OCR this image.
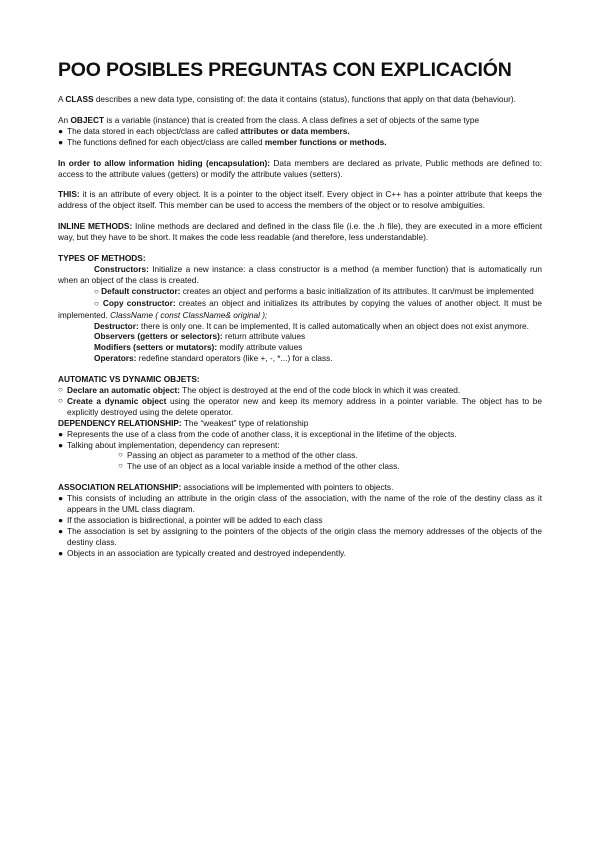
POO POSIBLES PREGUNTAS CON EXPLICACIÓN

A CLASS describes a new data type, consisting of: the data it contains (status), functions that apply on that data (behaviour).

An OBJECT is a variable (instance) that is created from the class. A class defines a set of objects of the same type

● The data stored in each object/class are called attributes or data members.
● The functions defined for each object/class are called member functions or methods.

In order to allow information hiding (encapsulation): Data members are declared as private, Public methods are defined to: access to the attribute values (getters) or modify the attribute values (setters).

THIS: it is an attribute of every object. It is a pointer to the object itself. Every object in C++ has a pointer attribute that keeps the address of the object itself. This member can be used to access the members of the object or to resolve ambiguities.

INLINE METHODS: Inline methods are declared and defined in the class file (i.e. the .h file), they are executed in a more efficient way, but they have to be short. It makes the code less readable (and therefore, less understandable).

TYPES OF METHODS:

Constructors: Initialize a new instance: a class constructor is a method (a member function) that is automatically run when an object of the class is created.

○ Default constructor: creates an object and performs a basic initialization of its attributes. It can/must be implemented

○ Copy constructor: creates an object and initializes its attributes by copying the values of another object. It must be implemented. ClassName ( const ClassName& original );

Destructor: there is only one. It can be implemented, It is called automatically when an object does not exist anymore.

Observers (getters or selectors): return attribute values
Modifiers (setters or mutators): modify attribute values
Operators: redefine standard operators (like +, -, *...) for a class.
AUTOMATIC VS DYNAMIC OBJETS:
○ Declare an automatic object: The object is destroyed at the end of the code block in which it was created.
○ Create a dynamic object using the operator new and keep its memory address in a pointer variable. The object has to be explicitly destroyed using the delete operator.
DEPENDENCY RELATIONSHIP: The “weakest” type of relationship
● Represents the use of a class from the code of another class, it is exceptional in the lifetime of the objects.
● Talking about implementation, dependency can represent:
○ Passing an object as parameter to a method of the other class.
○ The use of an object as a local variable inside a method of the other class.
ASSOCIATION RELATIONSHIP: associations will be implemented with pointers to objects.
● This consists of including an attribute in the origin class of the association, with the name of the role of the destiny class as it appears in the UML class diagram.
● If the association is bidirectional, a pointer will be added to each class
● The association is set by assigning to the pointers of the objects of the origin class the memory addresses of the objects of the destiny class.
● Objects in an association are typically created and destroyed independently.
